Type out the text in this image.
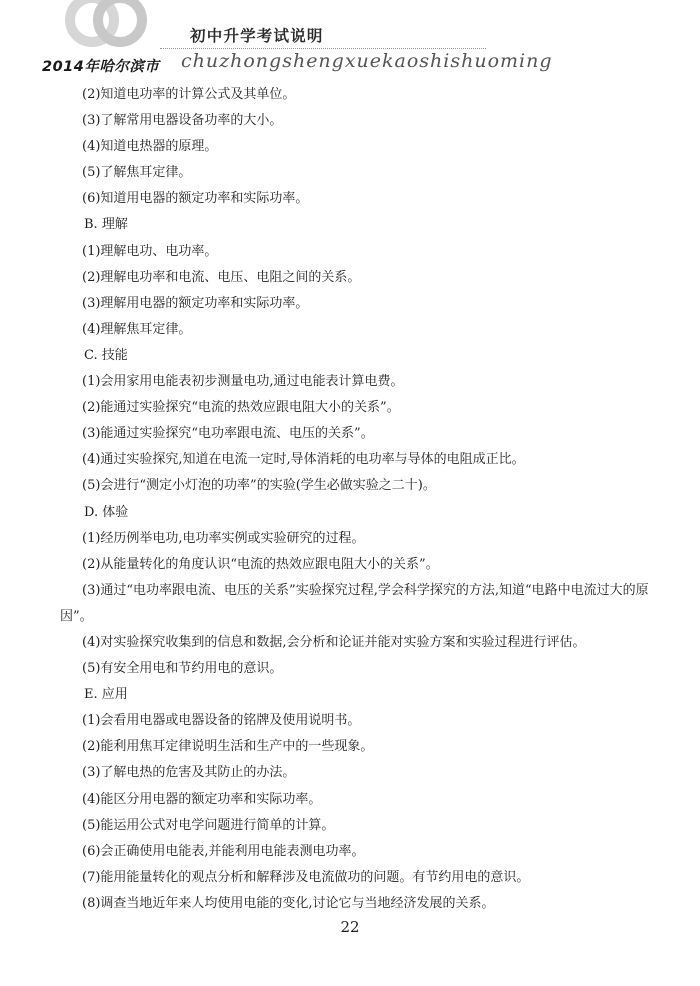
初中升学考试说明
2014年哈尔滨市 chuzhongshengxuekaoshishuoming
(2)知道电功率的计算公式及其单位。
(3)了解常用电器设备功率的大小。
(4)知道电热器的原理。
(5)了解焦耳定律。
(6)知道用电器的额定功率和实际功率。
B. 理解
(1)理解电功、电功率。
(2)理解电功率和电流、电压、电阻之间的关系。
(3)理解用电器的额定功率和实际功率。
(4)理解焦耳定律。
C. 技能
(1)会用家用电能表初步测量电功,通过电能表计算电费。
(2)能通过实验探究“电流的热效应跟电阻大小的关系”。
(3)能通过实验探究“电功率跟电流、电压的关系”。
(4)通过实验探究,知道在电流一定时,导体消耗的电功率与导体的电阻成正比。
(5)会进行“测定小灯泡的功率”的实验(学生必做实验之二十)。
D. 体验
(1)经历例举电功,电功率实例或实验研究的过程。
(2)从能量转化的角度认识“电流的热效应跟电阻大小的关系”。
(3)通过“电功率跟电流、电压的关系”实验探究过程,学会科学探究的方法,知道“电路中电流过大的原因”。
(4)对实验探究收集到的信息和数据,会分析和论证并能对实验方案和实验过程进行评估。
(5)有安全用电和节约用电的意识。
E. 应用
(1)会看用电器或电器设备的铭牌及使用说明书。
(2)能利用焦耳定律说明生活和生产中的一些现象。
(3)了解电热的危害及其防止的办法。
(4)能区分用电器的额定功率和实际功率。
(5)能运用公式对电学问题进行简单的计算。
(6)会正确使用电能表,并能利用电能表测电功率。
(7)能用能量转化的观点分析和解释涉及电流做功的问题。有节约用电的意识。
(8)调查当地近年来人均使用电能的变化,讨论它与当地经济发展的关系。
22
